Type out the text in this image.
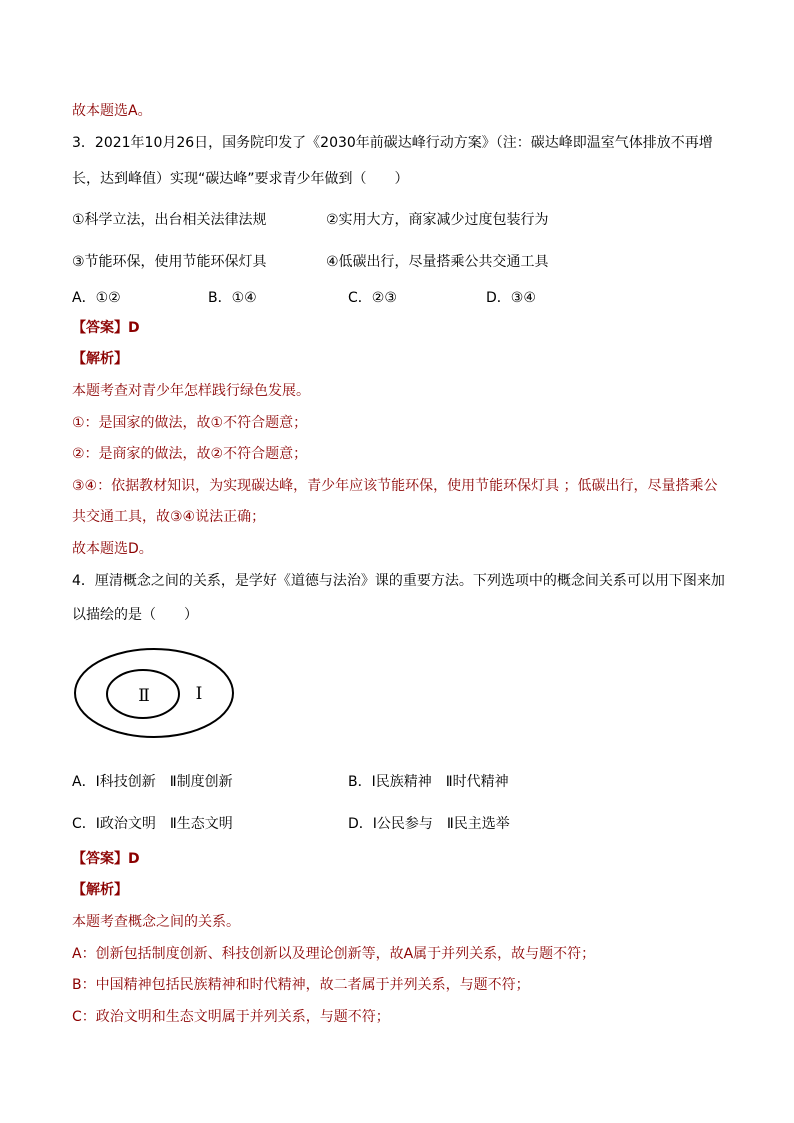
故本题选A。
3．2021年10月26日，国务院印发了《2030年前碳达峰行动方案》（注：碳达峰即温室气体排放不再增
长，达到峰值）实现“碳达峰”要求青少年做到（　　）
①科学立法，出台相关法律法规	②实用大方，商家减少过度包装行为
③节能环保，使用节能环保灯具	④低碳出行，尽量搭乘公共交通工具
A．①②	B．①④	C．②③	D．③④
【答案】D
【解析】
本题考查对青少年怎样践行绿色发展。
①：是国家的做法，故①不符合题意；
②：是商家的做法，故②不符合题意；
③④：依据教材知识，为实现碳达峰，青少年应该节能环保，使用节能环保灯具 ；低碳出行，尽量搭乘公
共交通工具，故③④说法正确；
故本题选D。
4．厘清概念之间的关系，是学好《道德与法治》课的重要方法。下列选项中的概念间关系可以用下图来加
以描绘的是（　　）
Ⅱ	Ⅰ
A．Ⅰ科技创新　Ⅱ制度创新	B．Ⅰ民族精神　Ⅱ时代精神
C．Ⅰ政治文明　Ⅱ生态文明	D．Ⅰ公民参与　Ⅱ民主选举
【答案】D
【解析】
本题考查概念之间的关系。
A：创新包括制度创新、科技创新以及理论创新等，故A属于并列关系，故与题不符；
B：中国精神包括民族精神和时代精神，故二者属于并列关系，与题不符；
C：政治文明和生态文明属于并列关系，与题不符；
